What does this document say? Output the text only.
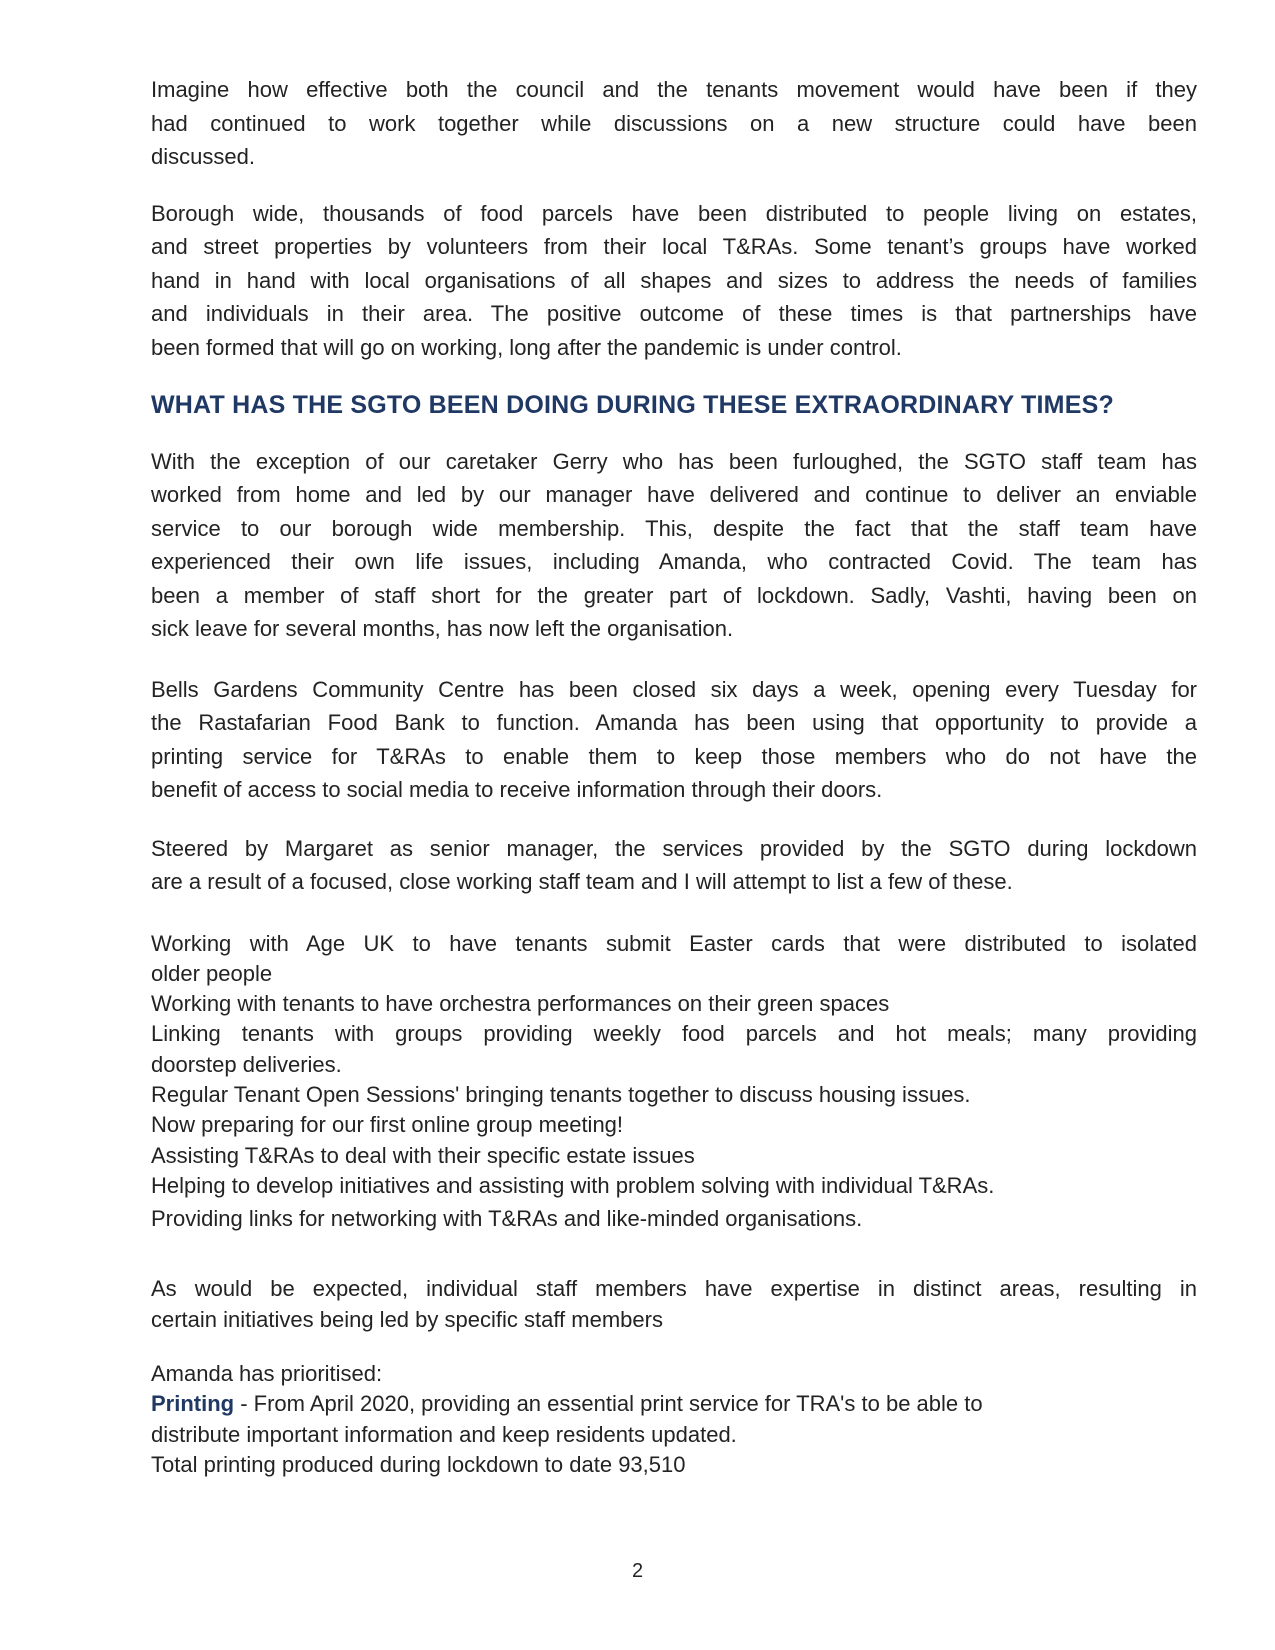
Imagine how effective both the council and the tenants movement would have been if they
had continued to work together while discussions on a new structure could have been
discussed.

Borough wide, thousands of food parcels have been distributed to people living on estates,
and street properties by volunteers from their local T&RAs. Some tenant’s groups have worked
hand in hand with local organisations of all shapes and sizes to address the needs of families
and individuals in their area. The positive outcome of these times is that partnerships have
been formed that will go on working, long after the pandemic is under control.

WHAT HAS THE SGTO BEEN DOING DURING THESE EXTRAORDINARY TIMES?

With the exception of our caretaker Gerry who has been furloughed, the SGTO staff team has
worked from home and led by our manager have delivered and continue to deliver an enviable
service to our borough wide membership. This, despite the fact that the staff team have
experienced their own life issues, including Amanda, who contracted Covid. The team has
been a member of staff short for the greater part of lockdown. Sadly, Vashti, having been on
sick leave for several months, has now left the organisation.

Bells Gardens Community Centre has been closed six days a week, opening every Tuesday for
the Rastafarian Food Bank to function. Amanda has been using that opportunity to provide a
printing service for T&RAs to enable them to keep those members who do not have the
benefit of access to social media to receive information through their doors.

Steered by Margaret as senior manager, the services provided by the SGTO during lockdown
are a result of a focused, close working staff team and I will attempt to list a few of these.

Working with Age UK to have tenants submit Easter cards that were distributed to isolated
older people
Working with tenants to have orchestra performances on their green spaces
Linking tenants with groups providing weekly food parcels and hot meals; many providing
doorstep deliveries.
Regular Tenant Open Sessions' bringing tenants together to discuss housing issues.
Now preparing for our first online group meeting!
Assisting T&RAs to deal with their specific estate issues
Helping to develop initiatives and assisting with problem solving with individual T&RAs.
Providing links for networking with T&RAs and like-minded organisations.
As would be expected, individual staff members have expertise in distinct areas, resulting in
certain initiatives being led by specific staff members
Amanda has prioritised:
Printing - From April 2020, providing an essential print service for TRA's to be able to
distribute important information and keep residents updated.
Total printing produced during lockdown to date 93,510
2
